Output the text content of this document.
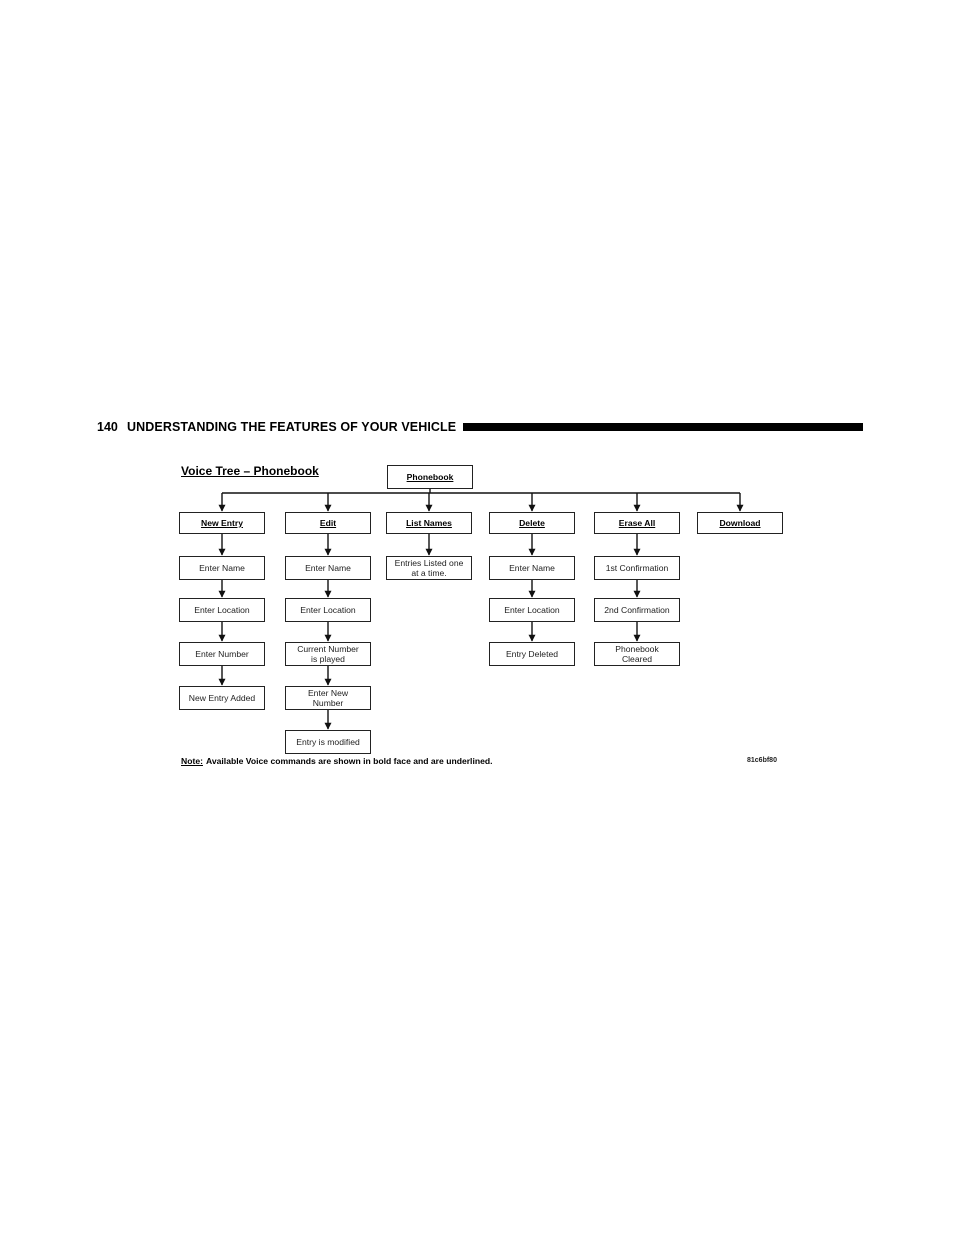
140 UNDERSTANDING THE FEATURES OF YOUR VEHICLE
Voice Tree – Phonebook	Phonebook
New Entry
Enter Name
Enter Location
Enter Number
New Entry Added
Edit
Enter Name
Enter Location
Current Number
is played
Enter New
Number
Entry is modified
List Names
Entries Listed one
at a time.
Delete
Enter Name
Enter Location
Entry Deleted
Erase All
1st Confirmation
2nd Confirmation
Phonebook
Cleared
Download
Note: Available Voice commands are shown in bold face and are underlined.	81c6bf80
